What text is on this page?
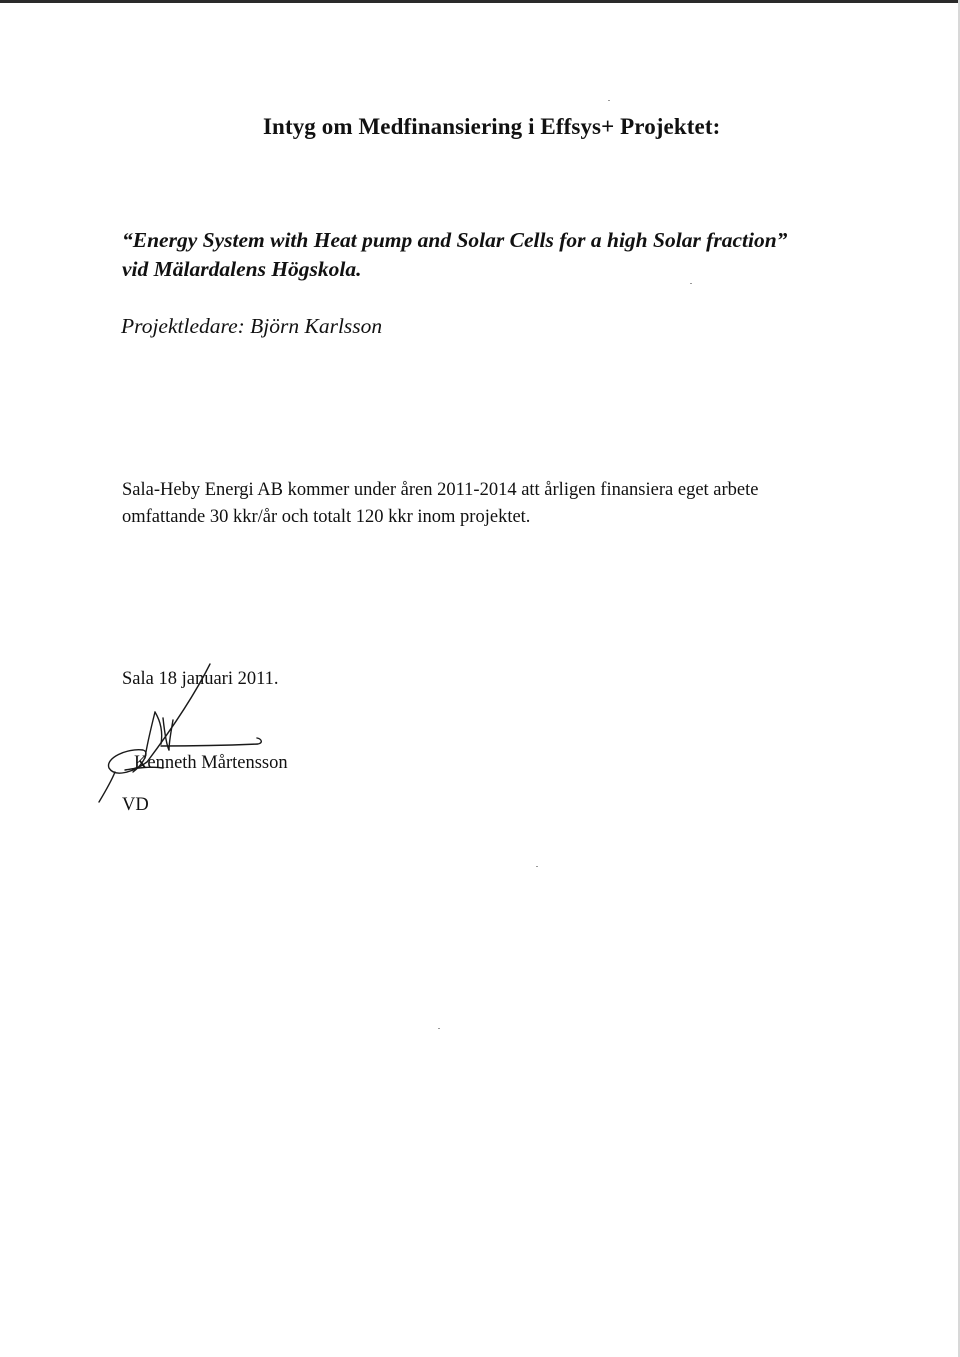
Intyg om Medfinansiering i Effsys+ Projektet:
“Energy System with Heat pump and Solar Cells for a high Solar fraction”
vid Mälardalens Högskola.
Projektledare: Björn Karlsson
Sala-Heby Energi AB kommer under åren 2011-2014 att årligen finansiera eget arbete
omfattande 30 kkr/år och totalt 120 kkr inom projektet.
Sala 18 januari 2011.
Kenneth Mårtensson
VD
